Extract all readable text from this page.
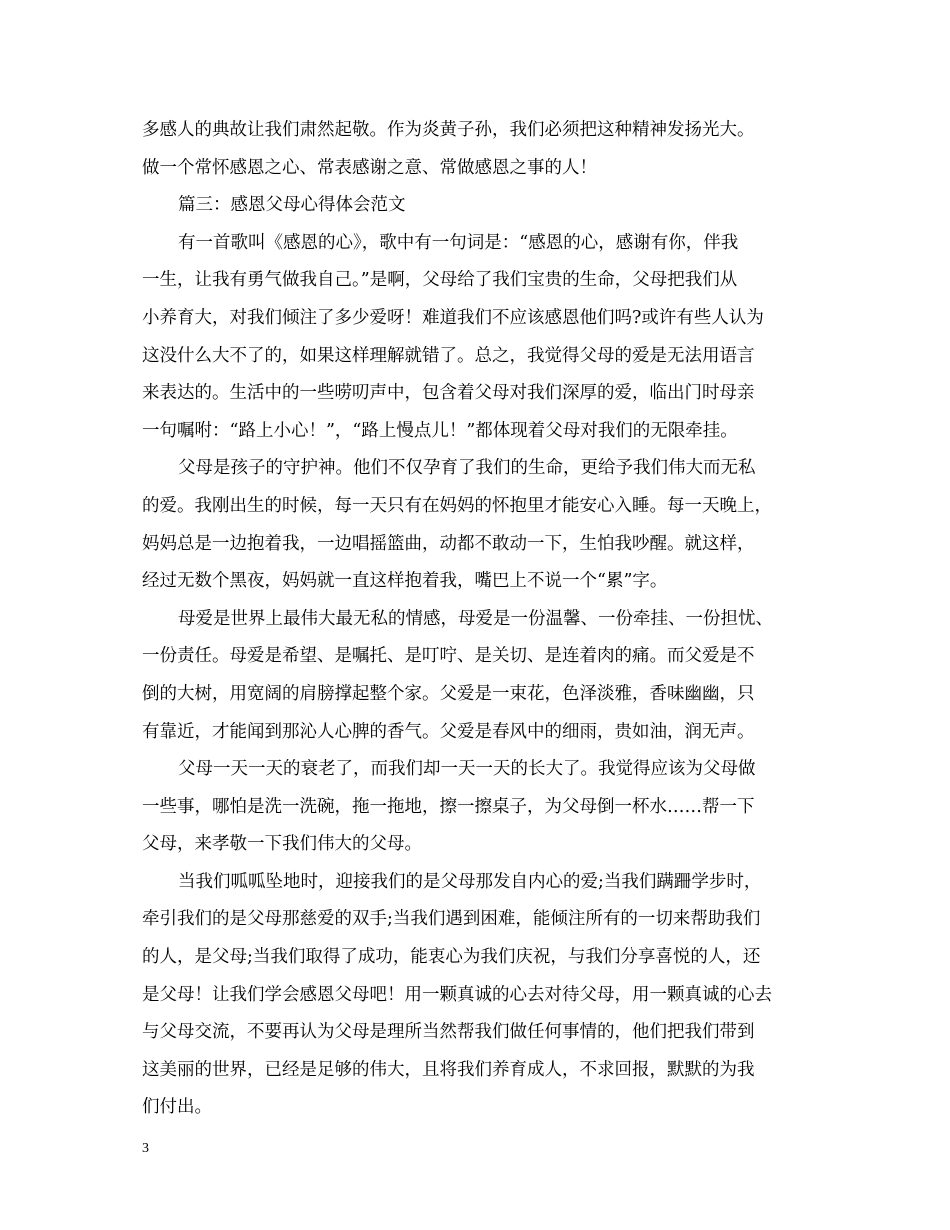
多感人的典故让我们肃然起敬。作为炎黄子孙，我们必须把这种精神发扬光大。
做一个常怀感恩之心、常表感谢之意、常做感恩之事的人！
篇三：感恩父母心得体会范文
有一首歌叫《感恩的心》，歌中有一句词是：“感恩的心，感谢有你，伴我
一生，让我有勇气做我自己。”是啊，父母给了我们宝贵的生命，父母把我们从
小养育大，对我们倾注了多少爱呀！难道我们不应该感恩他们吗?或许有些人认为
这没什么大不了的，如果这样理解就错了。总之，我觉得父母的爱是无法用语言
来表达的。生活中的一些唠叨声中，包含着父母对我们深厚的爱，临出门时母亲
一句嘱咐：“路上小心！”，“路上慢点儿！”都体现着父母对我们的无限牵挂。
父母是孩子的守护神。他们不仅孕育了我们的生命，更给予我们伟大而无私
的爱。我刚出生的时候，每一天只有在妈妈的怀抱里才能安心入睡。每一天晚上，
妈妈总是一边抱着我，一边唱摇篮曲，动都不敢动一下，生怕我吵醒。就这样，
经过无数个黑夜，妈妈就一直这样抱着我，嘴巴上不说一个“累”字。
母爱是世界上最伟大最无私的情感，母爱是一份温馨、一份牵挂、一份担忧、
一份责任。母爱是希望、是嘱托、是叮咛、是关切、是连着肉的痛。而父爱是不
倒的大树，用宽阔的肩膀撑起整个家。父爱是一束花，色泽淡雅，香味幽幽，只
有靠近，才能闻到那沁人心脾的香气。父爱是春风中的细雨，贵如油，润无声。
父母一天一天的衰老了，而我们却一天一天的长大了。我觉得应该为父母做
一些事，哪怕是洗一洗碗，拖一拖地，擦一擦桌子，为父母倒一杯水……帮一下
父母，来孝敬一下我们伟大的父母。
当我们呱呱坠地时，迎接我们的是父母那发自内心的爱;当我们蹒跚学步时，
牵引我们的是父母那慈爱的双手;当我们遇到困难，能倾注所有的一切来帮助我们
的人，是父母;当我们取得了成功，能衷心为我们庆祝，与我们分享喜悦的人，还
是父母！让我们学会感恩父母吧！用一颗真诚的心去对待父母，用一颗真诚的心去
与父母交流，不要再认为父母是理所当然帮我们做任何事情的，他们把我们带到
这美丽的世界，已经是足够的伟大，且将我们养育成人，不求回报，默默的为我
们付出。
3
